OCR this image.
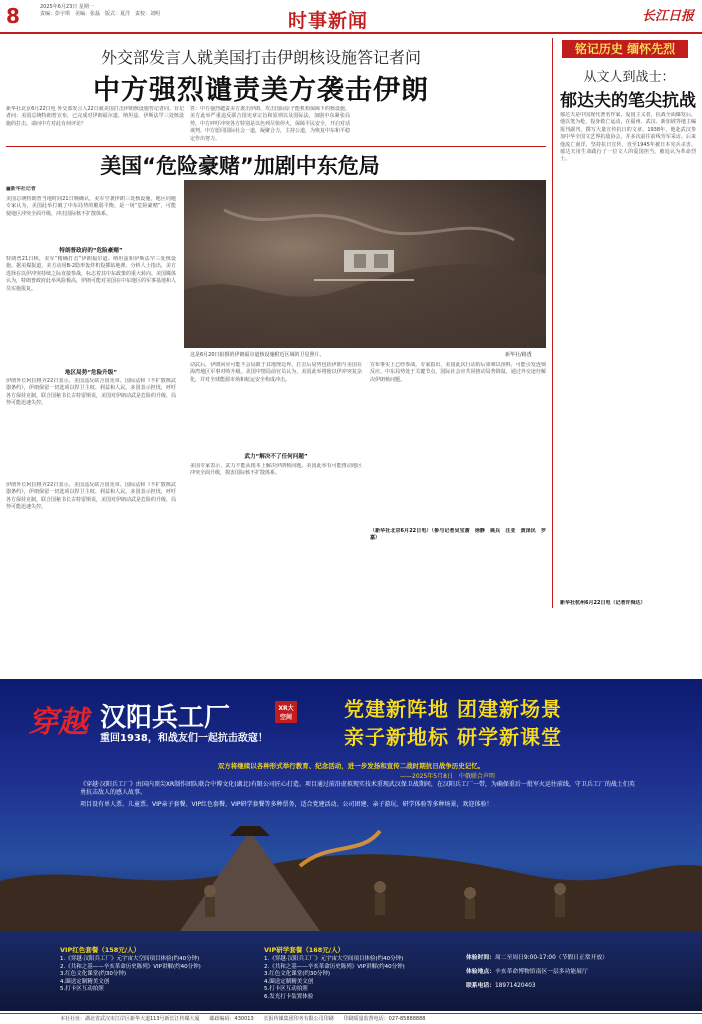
8	2025年6月23日 星期一
责编：彭宇琪　美编：张磊　版式：夏洋　责校：刘明	时事新闻	长江日报
外交部发言人就美国打击伊朗核设施答记者问
中方强烈谴责美方袭击伊朗
新华社北京6月22日电 外交部发言人22日就美国打击伊朗核设施答记者问。有记者问：美国总统特朗普宣布，已完成对伊朗福尔道、纳坦兹、伊斯法罕三处核设施的打击。请问中方对此有何评论？
答：中方强烈谴责美方袭击伊朗、攻击国际原子能机构保障下的核设施。美方此举严重违反联合国宪章宗旨和原则以及国际法，加剧中东紧张局势。中方呼吁冲突各方特别是以色列尽快停火，保障平民安全，开启对话谈判。中方愿同国际社会一道，凝聚合力，主持公道，为恢复中东和平稳定作出努力。
美国“危险豪赌”加剧中东危局
■新华社记者
美国总统特朗普当地时间21日晚确认，美军空袭伊朗三处核设施。地区问题专家认为，美国此举打破了中东局势的脆弱平衡，是一场“危险豪赌”，可能使地区冲突全面升级，冲击国际核不扩散体系。
特朗普政府的“危险豪赌”
特朗普21日称，美军“精确打击”伊朗福尔道、纳坦兹和伊斯法罕三处核设施。据美媒报道，美方动用B-2隐形轰炸机投掷钻地弹。分析人士指出，美方选择在以伊冲突持续之际直接参战，标志着其中东政策的重大转向。美国媒体认为，特朗普政府此举风险极高，伊朗可能对美国在中东地区的军事基地和人员实施报复。
地区局势“危险升级”
伊朗外长阿拉格齐22日表示，美国违反联合国宪章、国际法和《不扩散核武器条约》，伊朗保留一切选项以捍卫主权、利益和人民。多国表示担忧，呼吁各方保持克制。联合国秘书长古特雷斯说，美国对伊朗动武是危险的升级，局势可能迅速失控。
伊朗外长阿拉格齐22日表示，美国违反联合国宪章、国际法和《不扩散核武器条约》，伊朗保留一切选项以捍卫主权、利益和人民。多国表示担忧，呼吁各方保持克制。联合国秘书长古特雷斯说，美国对伊朗动武是危险的升级，局势可能迅速失控。
这是6月20日拍摄的伊朗福尔道核设施附近区域的卫星照片。	新华社/路透
动武后，伊朗回应可能不会局限于其地理边界。打击后局势包括伊朗与美国在海湾地区军事对峙升级。美国中情局前官员认为，美国此举将使以伊冲突复杂化，并对全球能源市场和航运安全构成冲击。
武力“解决不了任何问题”
多国专家表示，武力不能从根本上解决伊朗核问题。美国此举有可能推动地区冲突全面升级，损害国际核不扩散体系。
宣布事实上已经参战。专家指出，美国此次行动的后果难以预料，可能引发连锁反应。中东局势处于关键节点，国际社会应共同推动局势降温，通过外交途径解决伊朗核问题。
（新华社北京6月22日电）（参与记者吴宝澍　徐静　姚兵　汪亚　黄泽民　罗嘉）
铭记历史 缅怀先烈
从文人到战士：
郁达夫的笔尖抗战
郁达夫是中国现代著名作家、爱国主义者。抗战全面爆发后，他以笔为枪，投身救亡运动，在福州、武汉、新加坡等地主编报刊副刊，撰写大量宣传抗日的文章。1938年，他赴武汉参加中华全国文艺界抗敌协会，并多次前往前线劳军采访。后来他流亡南洋，坚持抗日宣传，直至1945年被日本宪兵杀害。郁达夫用生命践行了一位文人的爱国担当，被追认为革命烈士。
新华社杭州6月22日电（记者许舜达）
穿越 汉阳兵工厂	XR大空间
重回1938，和战友们一起抗击敌寇！
党建新阵地 团建新场景
亲子新地标 研学新课堂
双方将继续以各种形式举行教育、纪念活动，进一步发扬和宣传二战时期抗日战争历史记忆。
——2025年5月8日　中俄联合声明
《穿越·汉阳兵工厂》由国内顶尖XR制作团队联合中博文化(湖北)有限公司匠心打造。项目通过前沿虚拟现实技术重现武汉保卫战期间，在汉阳兵工厂一带，为确保重后一批军火运往前线，守卫兵工厂的战士们英勇抗击敌人的感人故事。
项目设有单人票、儿童票、VIP亲子套餐、VIP红色套餐、VIP研学套餐等多种票务，适合党建活动、公司团建、亲子游玩、研学体验等多种场景，欢迎体验！
VIP红色套餐（158元/人）
1.《穿越·汉阳兵工厂》元宇宙大空间项目体验(约40分钟)
2.《共和之基——辛亥革命历史陈列》VIP讲解(约40分钟)
3.红色文化课堂(约30分钟)
4.圈送定制精美文创
5.打卡区互动拍照
VIP研学套餐（168元/人）
1.《穿越·汉阳兵工厂》元宇宙大空间项目体验(约40分钟)
2.《共和之基——辛亥革命历史陈列》VIP讲解(约40分钟)
3.红色文化课堂(约30分钟)
4.圈送定制精美文创
5.打卡区互动拍照
6.发光打卡装置体验
体验时间：周二至周日9:00-17:00（节假日正常开放）
体验地点：辛亥革命博物馆南区一层多功能展厅
联系电话：18971420403
本社社址：湖北省武汉市江岸区新华大道113号新长江传媒大厦　　邮政编码：430013　　长报传媒集团印务有限公司印刷　　印刷质量监督电话：027-85888888
